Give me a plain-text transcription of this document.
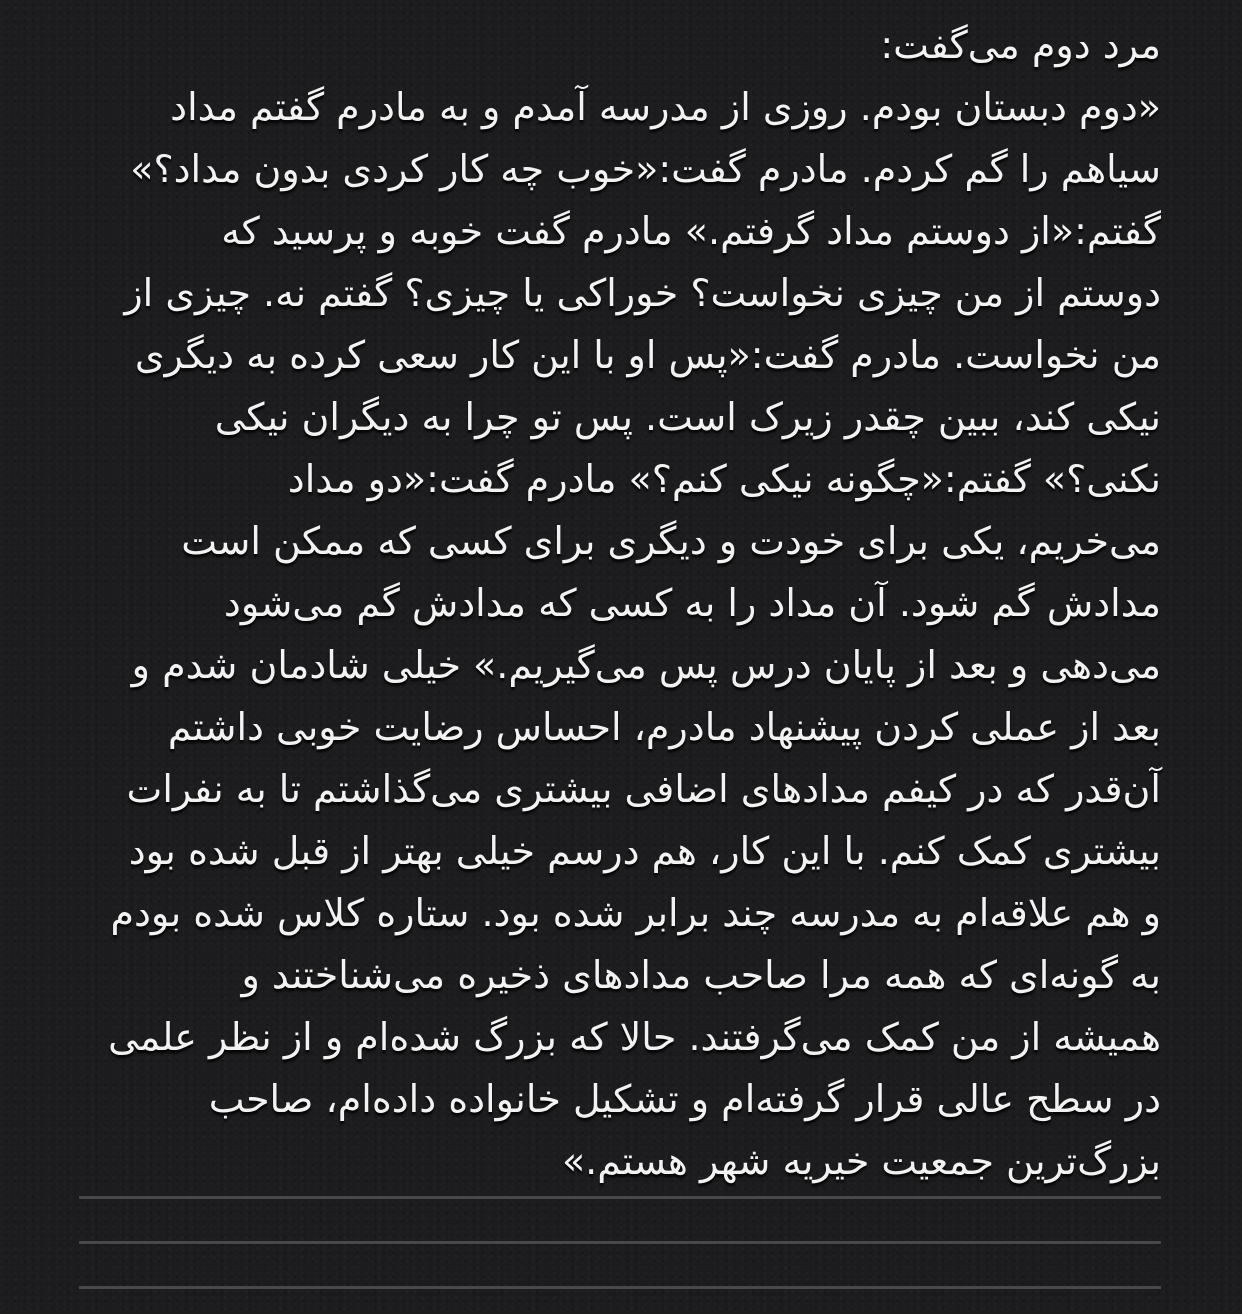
مرد دوم می‌گفت:
«دوم دبستان بودم. روزی از مدرسه آمدم و به مادرم گفتم مداد
سیاهم را گم کردم. مادرم گفت:«خوب چه کار کردی بدون مداد؟»
گفتم:«از دوستم مداد گرفتم.» مادرم گفت خوبه و پرسید که
دوستم از من چیزی نخواست؟ خوراکی یا چیزی؟ گفتم نه. چیزی از
من نخواست. مادرم گفت:«پس او با این کار سعی کرده به دیگری
نیکی کند، ببین چقدر زیرک است. پس تو چرا به دیگران نیکی
نکنی؟» گفتم:«چگونه نیکی کنم؟» مادرم گفت:«دو مداد
می‌خریم، یکی برای خودت و دیگری برای کسی که ممکن است
مدادش گم شود. آن مداد را به کسی که مدادش گم می‌شود
می‌دهی و بعد از پایان درس پس می‌گیریم.» خیلی شادمان شدم و
بعد از عملی کردن پیشنهاد مادرم، احساس رضایت خوبی داشتم
آن‌قدر که در کیفم مدادهای اضافی بیشتری می‌گذاشتم تا به نفرات
بیشتری کمک کنم. با این کار، هم درسم خیلی بهتر از قبل شده بود
و هم علاقه‌ام به مدرسه چند برابر شده بود. ستاره کلاس شده بودم
به گونه‌ای که همه مرا صاحب مدادهای ذخیره می‌شناختند و
همیشه از من کمک می‌گرفتند. حالا که بزرگ شده‌ام و از نظر علمی
در سطح عالی قرار گرفته‌ام و تشکیل خانواده داده‌ام، صاحب
بزرگ‌ترین جمعیت خیریه شهر هستم.»
